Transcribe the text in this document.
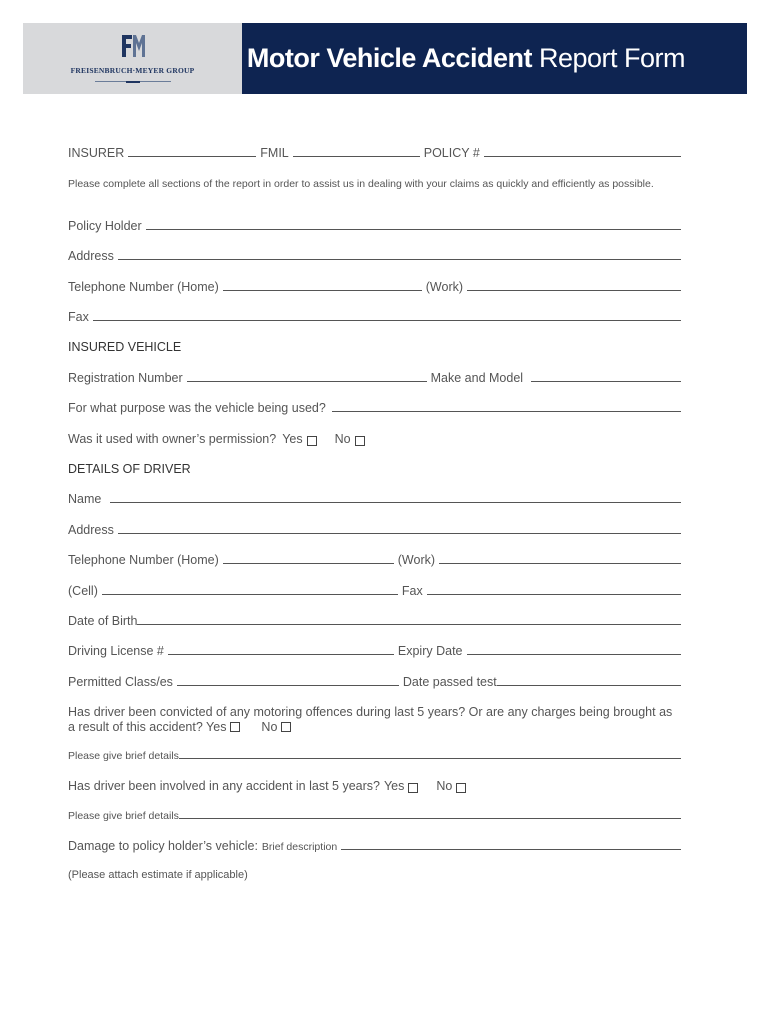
FREISENBRUCH·MEYER GROUP	Motor Vehicle Accident Report Form
INSURER	FMIL	POLICY #
Please complete all sections of the report in order to assist us in dealing with your claims as quickly and efficiently as possible.
Policy Holder
Address
Telephone Number (Home)	(Work)
Fax
INSURED VEHICLE
Registration Number	Make and Model
For what purpose was the vehicle being used?
Was it used with owner’s permission? Yes	No
DETAILS OF DRIVER
Name
Address
Telephone Number (Home)	(Work)
(Cell)	Fax
Date of Birth
Driving License #	Expiry Date
Permitted Class/es	Date passed test
Has driver been convicted of any motoring offences during last 5 years? Or are any charges being brought as a result of this accident? Yes	No
Please give brief details
Has driver been involved in any accident in last 5 years? Yes	No
Please give brief details
Damage to policy holder’s vehicle: Brief description
(Please attach estimate if applicable)
